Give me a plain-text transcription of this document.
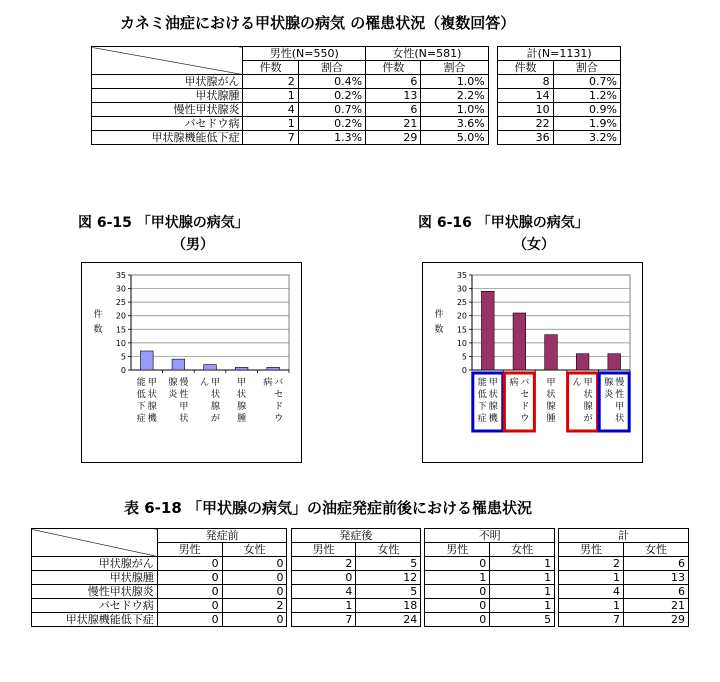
カネミ油症における甲状腺の病気 の罹患状況（複数回答）
	男性(N=550)		女性(N=581)			計(N=1131)	
	件数	割合	件数	割合		件数	割合
甲状腺がん	2	0.4%	6	1.0%		8	0.7%
甲状腺腫	1	0.2%	13	2.2%		14	1.2%
慢性甲状腺炎	4	0.7%	6	1.0%		10	0.9%
バセドウ病	1	0.2%	21	3.6%		22	1.9%
甲状腺機能低下症	7	1.3%	29	5.0%		36	3.2%
図 6-15 「甲状腺の病気」
（男）
図 6-16 「甲状腺の病気」
（女）
0
5
10
15
20
25
30
35
件
数
甲
状
腺
機
能
低
下
症
慢
性
甲
状
腺
炎
甲
状
腺
が
ん	甲
状
腺
腫
バ
セ
ド
ウ
病
0
5
10
15
20
25
30
35
件
数
甲
状
腺
機
能
低
下
症
バ
セ
ド
ウ
病	甲
状
腺
腫
甲
状
腺
が
ん	慢
性
甲
状
腺
炎
表 6-18 「甲状腺の病気」の油症発症前後における罹患状況
	発症前			発症後			不明			計	
	男性	女性		男性	女性		男性	女性		男性	女性
甲状腺がん	0	0		2	5		0	1		2	6
甲状腺腫	0	0		0	12		1	1		1	13
慢性甲状腺炎	0	0		4	5		0	1		4	6
バセドウ病	0	2		1	18		0	1		1	21
甲状腺機能低下症	0	0		7	24		0	5		7	29
